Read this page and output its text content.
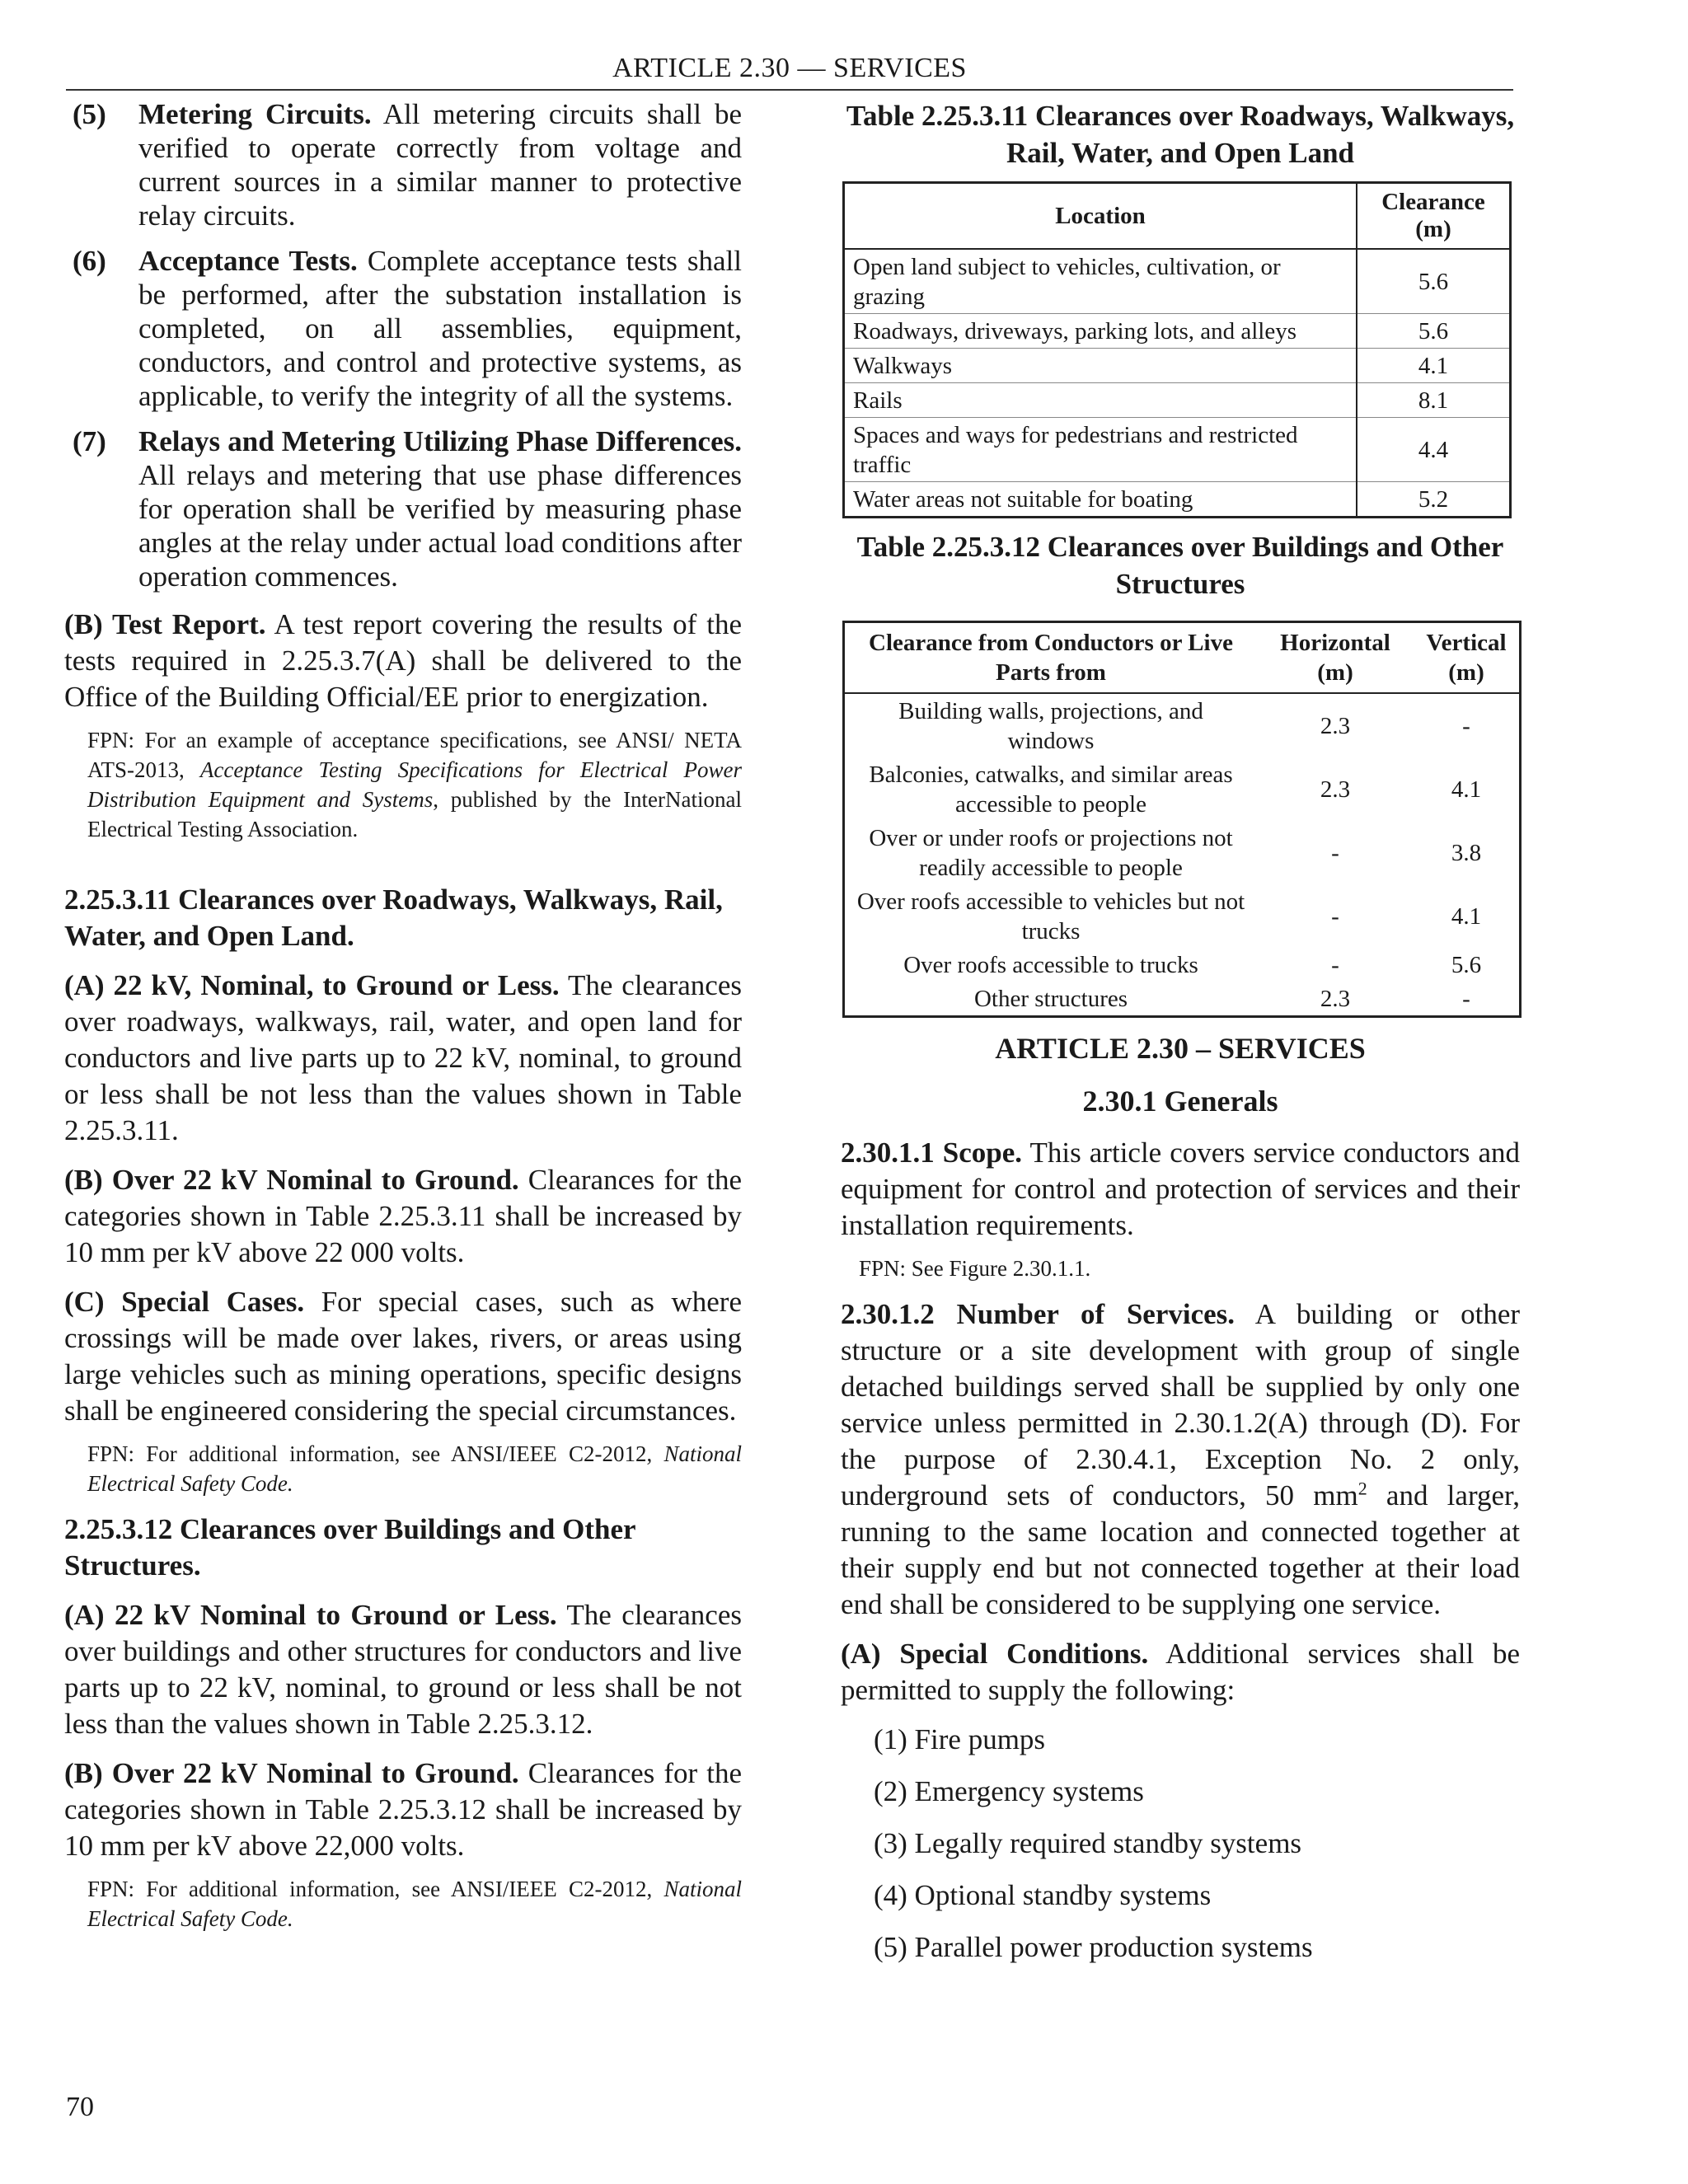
ARTICLE 2.30 — SERVICES
(5)	Metering Circuits. All metering circuits shall be verified to operate correctly from voltage and current sources in a similar manner to protective relay circuits.

(6)	Acceptance Tests. Complete acceptance tests shall be performed, after the substation installation is completed, on all assemblies, equipment, conductors, and control and protective systems, as applicable, to verify the integrity of all the systems.

(7)	Relays and Metering Utilizing Phase Differences. All relays and metering that use phase differences for operation shall be verified by measuring phase angles at the relay under actual load conditions after operation commences.

(B) Test Report. A test report covering the results of the tests required in 2.25.3.7(A) shall be delivered to the Office of the Building Official/EE prior to energization.

FPN: For an example of acceptance specifications, see ANSI/ NETA ATS-2013, Acceptance Testing Specifications for Electrical Power Distribution Equipment and Systems, published by the InterNational Electrical Testing Association.

2.25.3.11 Clearances over Roadways, Walkways, Rail, Water, and Open Land.

(A) 22 kV, Nominal, to Ground or Less. The clearances over roadways, walkways, rail, water, and open land for conductors and live parts up to 22 kV, nominal, to ground or less shall be not less than the values shown in Table 2.25.3.11.

(B) Over 22 kV Nominal to Ground. Clearances for the categories shown in Table 2.25.3.11 shall be increased by 10 mm per kV above 22 000 volts.

(C) Special Cases. For special cases, such as where crossings will be made over lakes, rivers, or areas using large vehicles such as mining operations, specific designs shall be engineered considering the special circumstances.

FPN: For additional information, see ANSI/IEEE C2-2012, National Electrical Safety Code.

2.25.3.12 Clearances over Buildings and Other Structures.

(A) 22 kV Nominal to Ground or Less. The clearances over buildings and other structures for conductors and live parts up to 22 kV, nominal, to ground or less shall be not less than the values shown in Table 2.25.3.12.

(B) Over 22 kV Nominal to Ground. Clearances for the categories shown in Table 2.25.3.12 shall be increased by 10 mm per kV above 22,000 volts.

FPN: For additional information, see ANSI/IEEE C2-2012, National Electrical Safety Code.

Table 2.25.3.11 Clearances over Roadways, Walkways, Rail, Water, and Open Land

Location	Clearance (m)
Open land subject to vehicles, cultivation, or grazing	5.6
Roadways, driveways, parking lots, and alleys	5.6
Walkways	4.1
Rails	8.1
Spaces and ways for pedestrians and restricted traffic	4.4
Water areas not suitable for boating	5.2

Table 2.25.3.12 Clearances over Buildings and Other Structures

Clearance from Conductors or Live Parts from	Horizontal (m)	Vertical (m)
Building walls, projections, and windows	2.3	-
Balconies, catwalks, and similar areas accessible to people	2.3	4.1
Over or under roofs or projections not readily accessible to people	-	3.8
Over roofs accessible to vehicles but not trucks	-	4.1
Over roofs accessible to trucks	-	5.6
Other structures	2.3	-

ARTICLE 2.30 – SERVICES

2.30.1 Generals

2.30.1.1 Scope. This article covers service conductors and equipment for control and protection of services and their installation requirements.

FPN: See Figure 2.30.1.1.

2.30.1.2 Number of Services. A building or other structure or a site development with group of single detached buildings served shall be supplied by only one service unless permitted in 2.30.1.2(A) through (D). For the purpose of 2.30.4.1, Exception No. 2 only, underground sets of conductors, 50 $mm^2$ and larger, running to the same location and connected together at their supply end but not connected together at their load end shall be considered to be supplying one service.

(A) Special Conditions. Additional services shall be permitted to supply the following:

(1) Fire pumps

(2) Emergency systems

(3) Legally required standby systems

(4) Optional standby systems

(5) Parallel power production systems

70
